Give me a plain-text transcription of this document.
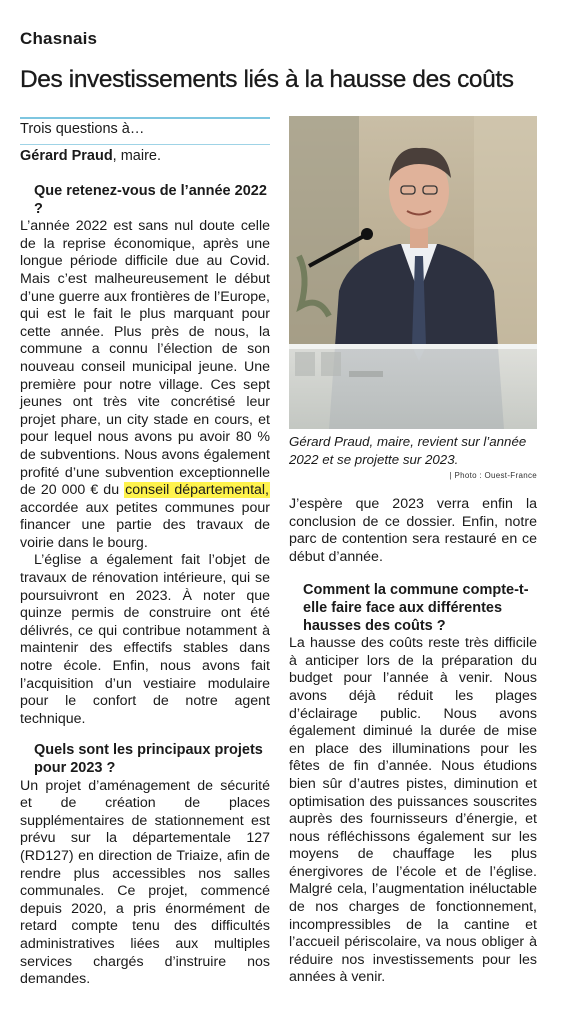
Chasnais
Des investissements liés à la hausse des coûts
Trois questions à…
Gérard Praud, maire.
Que retenez-vous de l’année 2022 ?

L’année 2022 est sans nul doute celle de la reprise économique, après une longue période difficile due au Covid. Mais c’est malheureusement le début d’une guerre aux frontières de l’Europe, qui est le fait le plus marquant pour cette année. Plus près de nous, la commune a connu l’élection de son nouveau conseil municipal jeune. Une première pour notre village. Ces sept jeunes ont très vite concrétisé leur projet phare, un city stade en cours, et pour lequel nous avons pu avoir 80 % de subventions. Nous avons également profité d’une subvention exceptionnelle de 20 000 € du conseil départemental, accordée aux petites communes pour financer une partie des travaux de voirie dans le bourg.

L’église a également fait l’objet de travaux de rénovation intérieure, qui se poursuivront en 2023. À noter que quinze permis de construire ont été délivrés, ce qui contribue notamment à maintenir des effectifs stables dans notre école. Enfin, nous avons fait l’acquisition d’un vestiaire modulaire pour le confort de notre agent technique.

Quels sont les principaux projets pour 2023 ?

Un projet d’aménagement de sécurité et de création de places supplémentaires de stationnement est prévu sur la départementale 127 (RD127) en direction de Triaize, afin de rendre plus accessibles nos salles communales. Ce projet, commencé depuis 2020, a pris énormément de retard compte tenu des difficultés administratives liées aux multiples services chargés d’instruire nos demandes.

Gérard Praud, maire, revient sur l’année 2022 et se projette sur 2023.
| Photo : Ouest-France

J’espère que 2023 verra enfin la conclusion de ce dossier. Enfin, notre parc de contention sera restauré en ce début d’année.

Comment la commune compte-t-elle faire face aux différentes hausses des coûts ?

La hausse des coûts reste très difficile à anticiper lors de la préparation du budget pour l’année à venir. Nous avons déjà réduit les plages d’éclairage public. Nous avons également diminué la durée de mise en place des illuminations pour les fêtes de fin d’année. Nous étudions bien sûr d’autres pistes, diminution et optimisation des puissances souscrites auprès des fournisseurs d’énergie, et nous réfléchissons également sur les moyens de chauffage les plus énergivores de l’école et de l’église. Malgré cela, l’augmentation inéluctable de nos charges de fonctionnement, incompressibles de la cantine et l’accueil périscolaire, va nous obliger à réduire nos investissements pour les années à venir.
